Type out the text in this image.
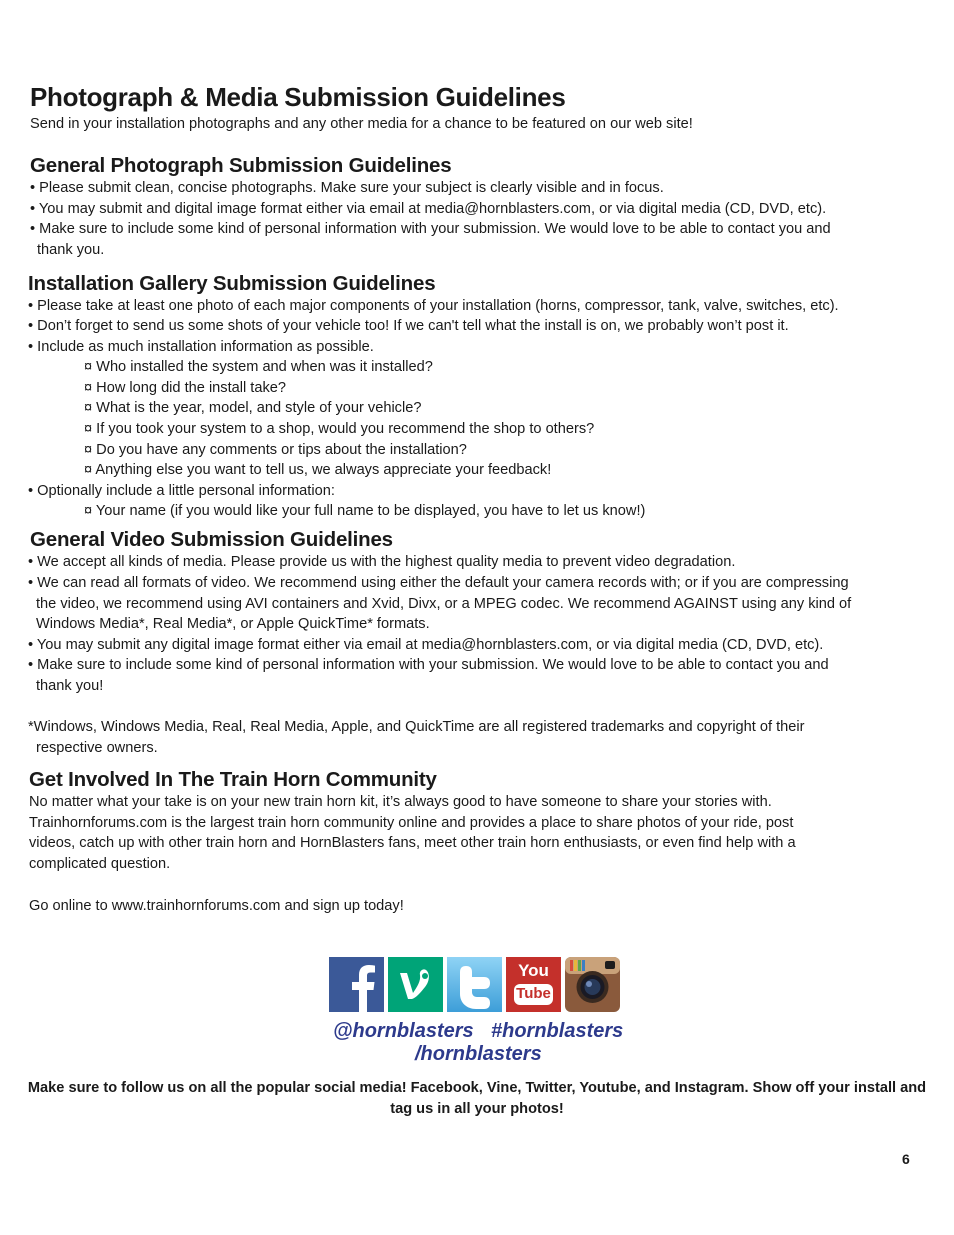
Photograph & Media Submission Guidelines
Send in your installation photographs and any other media for a chance to be featured on our web site!
General Photograph Submission Guidelines
• Please submit clean, concise photographs. Make sure your subject is clearly visible and in focus.
• You may submit and digital image format either via email at media@hornblasters.com, or via digital media (CD, DVD, etc).
• Make sure to include some kind of personal information with your submission. We would love to be able to contact you and
thank you.
Installation Gallery Submission Guidelines
• Please take at least one photo of each major components of your installation (horns, compressor, tank, valve, switches, etc).
• Don’t forget to send us some shots of your vehicle too! If we can't tell what the install is on, we probably won’t post it.
• Include as much installation information as possible.
¤ Who installed the system and when was it installed?
¤ How long did the install take?
¤ What is the year, model, and style of your vehicle?
¤ If you took your system to a shop, would you recommend the shop to others?
¤ Do you have any comments or tips about the installation?
¤ Anything else you want to tell us, we always appreciate your feedback!
• Optionally include a little personal information:
¤ Your name (if you would like your full name to be displayed, you have to let us know!)
General Video Submission Guidelines
• We accept all kinds of media. Please provide us with the highest quality media to prevent video degradation.
• We can read all formats of video. We recommend using either the default your camera records with; or if you are compressing
the video, we recommend using AVI containers and Xvid, Divx, or a MPEG codec. We recommend AGAINST using any kind of
Windows Media*, Real Media*, or Apple QuickTime* formats.
• You may submit any digital image format either via email at media@hornblasters.com, or via digital media (CD, DVD, etc).
• Make sure to include some kind of personal information with your submission. We would love to be able to contact you and
thank you!
*Windows, Windows Media, Real, Real Media, Apple, and QuickTime are all registered trademarks and copyright of their
respective owners.
Get Involved In The Train Horn Community
No matter what your take is on your new train horn kit, it’s always good to have someone to share your stories with.
Trainhornforums.com is the largest train horn community online and provides a place to share photos of your ride, post
videos, catch up with other train horn and HornBlasters fans, meet other train horn enthusiasts, or even find help with a
complicated question.
Go online to www.trainhornforums.com and sign up today!
You
Tube
@hornblasters #hornblasters
/hornblasters
Make sure to follow us on all the popular social media! Facebook, Vine, Twitter, Youtube, and Instagram. Show off your install and tag us in all your photos!
6
